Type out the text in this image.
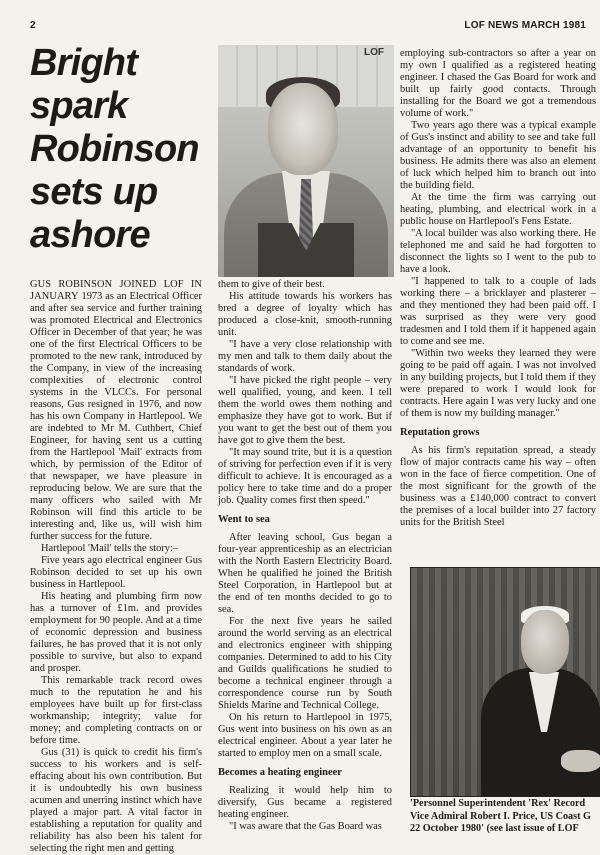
2	LOF NEWS MARCH 1981
Bright spark Robinson sets up ashore
LOF

GUS ROBINSON JOINED LOF IN JANUARY 1973 as an Electrical Officer and after sea service and further training was promoted Electrical and Electronics Officer in December of that year; he was one of the first Electrical Officers to be promoted to the new rank, introduced by the Company, in view of the increasing complexities of electronic control systems in the VLCCs. For personal reasons, Gus resigned in 1976, and now has his own Company in Hartlepool. We are indebted to Mr M. Cuthbert, Chief Engineer, for having sent us a cutting from the Hartlepool 'Mail' extracts from which, by permission of the Editor of that newspaper, we have pleasure in reproducing below. We are sure that the many officers who sailed with Mr Robinson will find this article to be interesting and, like us, will wish him further success for the future.

Hartlepool 'Mail' tells the story:–

Five years ago electrical engineer Gus Robinson decided to set up his own business in Hartlepool.

His heating and plumbing firm now has a turnover of £1m. and provides employment for 90 people. And at a time of economic depression and business failures, he has proved that it is not only possible to survive, but also to expand and prosper.

This remarkable track record owes much to the reputation he and his employees have built up for first-class workmanship; integrity; value for money; and completing contracts on or before time.

Gus (31) is quick to credit his firm's success to his workers and is self-effacing about his own contribution. But it is undoubtedly his own business acumen and unerring instinct which have played a major part. A vital factor in establishing a reputation for quality and reliability has also been his talent for selecting the right men and getting

them to give of their best.

His attitude towards his workers has bred a degree of loyalty which has produced a close-knit, smooth-running unit.

"I have a very close relationship with my men and talk to them daily about the standards of work.

"I have picked the right people – very well qualified, young, and keen. I tell them the world owes them nothing and emphasize they have got to work. But if you want to get the best out of them you have got to give them the best.

"It may sound trite, but it is a question of striving for perfection even if it is very difficult to achieve. It is encouraged as a policy here to take time and do a proper job. Quality comes first then speed."

Went to sea

After leaving school, Gus began a four-year apprenticeship as an electrician with the North Eastern Electricity Board. When he qualified he joined the British Steel Corporation, in Hartlepool but at the end of ten months decided to go to sea.

For the next five years he sailed around the world serving as an electrical and electronics engineer with shipping companies. Determined to add to his City and Guilds qualifications he studied to become a technical engineer through a correspondence course run by South Shields Marine and Technical College.

On his return to Hartlepool in 1975, Gus went into business on his own as an electrical engineer. About a year later he started to employ men on a small scale.

Becomes a heating engineer

Realizing it would help him to diversify, Gus became a registered heating engineer.

"I was aware that the Gas Board was

employing sub-contractors so after a year on my own I qualified as a registered heating engineer. I chased the Gas Board for work and built up fairly good contacts. Through installing for the Board we got a tremendous volume of work."

Two years ago there was a typical example of Gus's instinct and ability to see and take full advantage of an opportunity to benefit his business. He admits there was also an element of luck which helped him to branch out into the building field.

At the time the firm was carrying out heating, plumbing, and electrical work in a public house on Hartlepool's Fens Estate.

"A local builder was also working there. He telephoned me and said he had forgotten to disconnect the lights so I went to the pub to have a look.

"I happened to talk to a couple of lads working there – a bricklayer and plasterer – and they mentioned they had been paid off. I was surprised as they were very good tradesmen and I told them if it happened again to come and see me.

"Within two weeks they learned they were going to be paid off again. I was not involved in any building projects, but I told them if they were prepared to work I would look for contracts. Here again I was very lucky and one of them is now my building manager."

Reputation grows

As his firm's reputation spread, a steady flow of major contracts came his way – often won in the face of fierce competition. One of the most significant for the growth of the business was a £140,000 contract to convert the premises of a local builder into 27 factory units for the British Steel

'Personnel Superintendent 'Rex' Record
Vice Admiral Robert I. Price, US Coast G
22 October 1980' (see last issue of LOF
